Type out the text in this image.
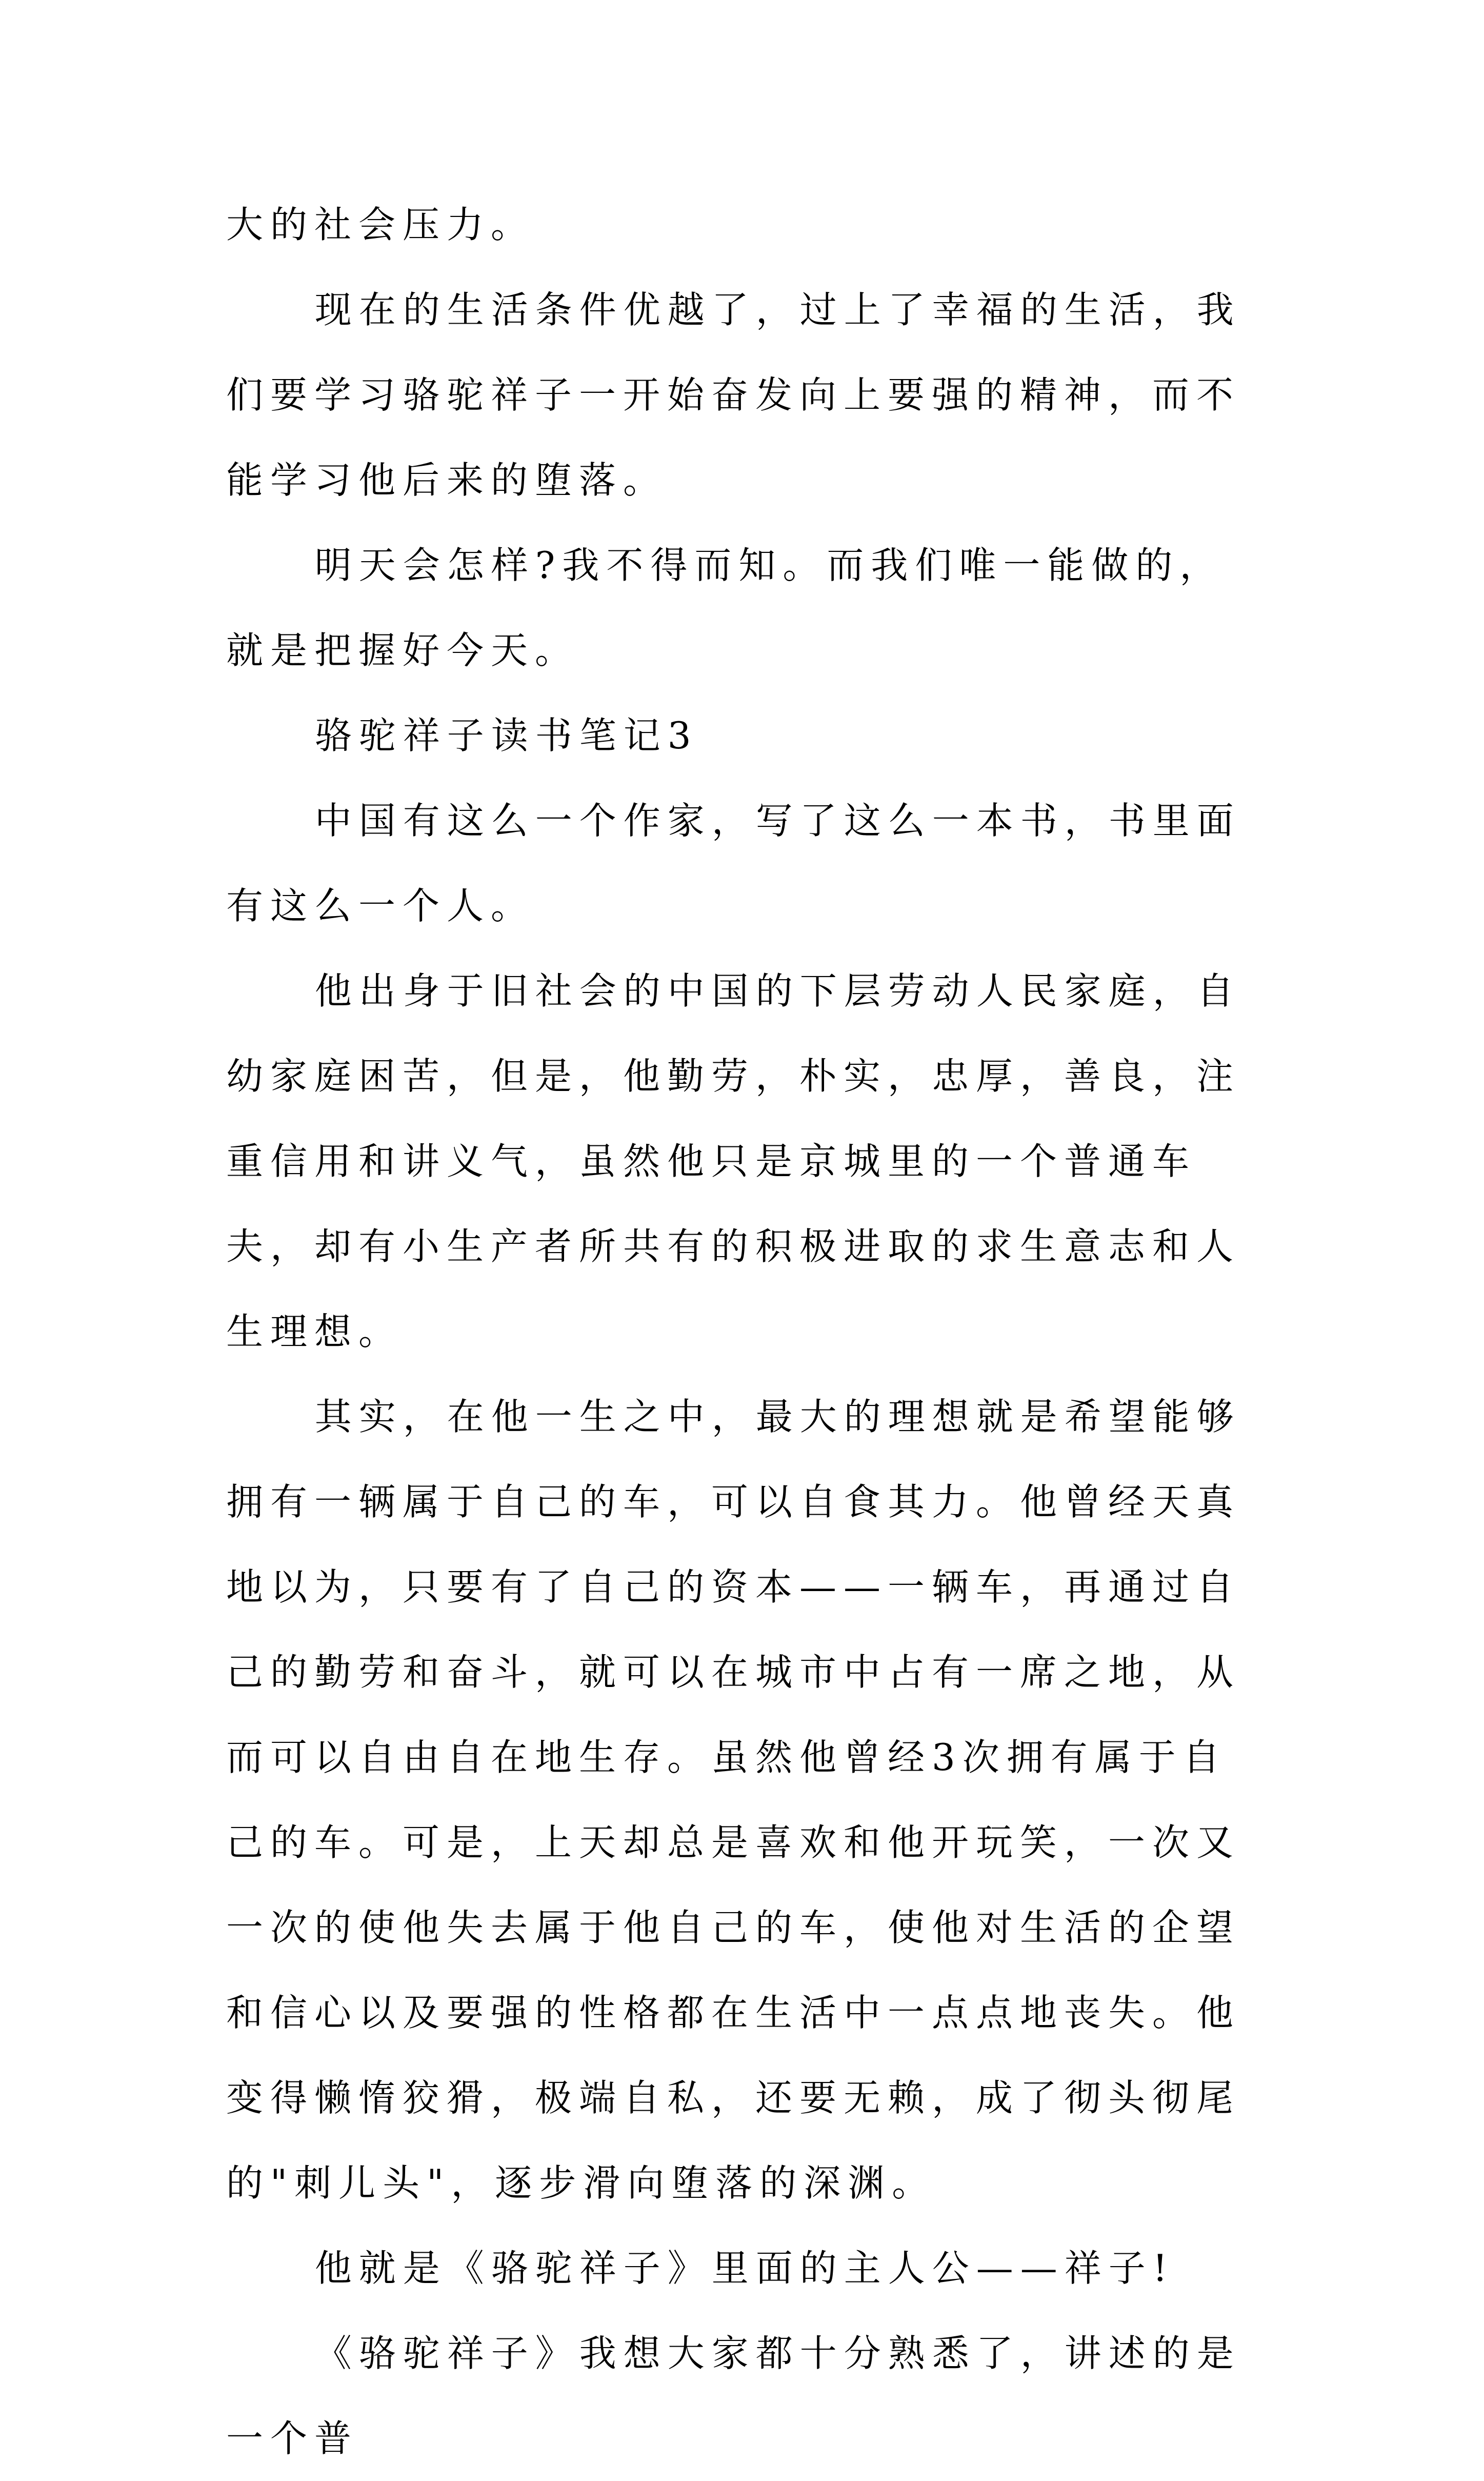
大的社会压力。

现在的生活条件优越了，过上了幸福的生活，我们要学习骆驼祥子一开始奋发向上要强的精神，而不能学习他后来的堕落。

明天会怎样?我不得而知。而我们唯一能做的，就是把握好今天。

骆驼祥子读书笔记3

中国有这么一个作家，写了这么一本书，书里面有这么一个人。

他出身于旧社会的中国的下层劳动人民家庭，自幼家庭困苦，但是，他勤劳，朴实，忠厚，善良，注重信用和讲义气，虽然他只是京城里的一个普通车夫，却有小生产者所共有的积极进取的求生意志和人生理想。

其实，在他一生之中，最大的理想就是希望能够拥有一辆属于自己的车，可以自食其力。他曾经天真地以为，只要有了自己的资本——一辆车，再通过自己的勤劳和奋斗，就可以在城市中占有一席之地，从而可以自由自在地生存。虽然他曾经3次拥有属于自己的车。可是，上天却总是喜欢和他开玩笑，一次又一次的使他失去属于他自己的车，使他对生活的企望和信心以及要强的性格都在生活中一点点地丧失。他变得懒惰狡猾，极端自私，还要无赖，成了彻头彻尾的"刺儿头"，逐步滑向堕落的深渊。

他就是《骆驼祥子》里面的主人公——祥子!

《骆驼祥子》我想大家都十分熟悉了，讲述的是一个普
